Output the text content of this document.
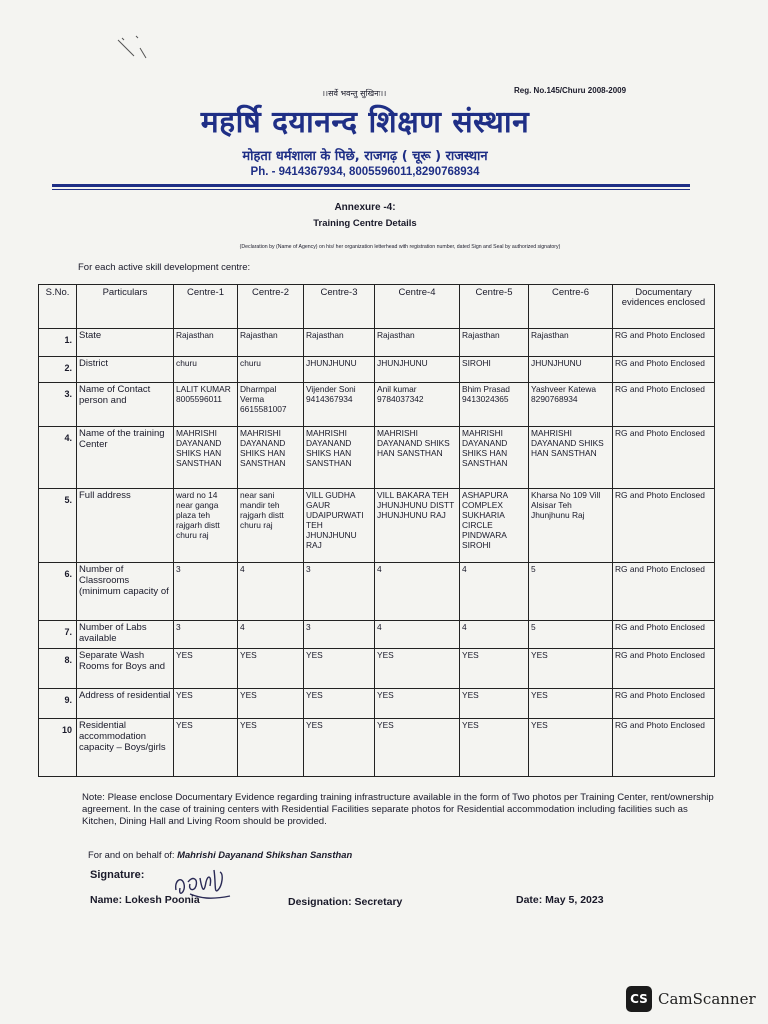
।।सर्वे भवन्तु सुखिनः।।	Reg. No.145/Churu 2008-2009
महर्षि दयानन्द शिक्षण संस्थान
मोहता धर्मशाला के पिछे, राजगढ़ ( चूरू ) राजस्थान
Ph. - 9414367934, 8005596011,8290768934
Annexure -4:
Training Centre Details
(Declaration by (Name of Agency) on his/ her organization letterhead with registration number, dated Sign and Seal by authorized signatory)
For each active skill development centre:
S.No.	Particulars	Centre-1	Centre-2	Centre-3	Centre-4	Centre-5	Centre-6	Documentary evidences enclosed
1.	State	Rajasthan	Rajasthan	Rajasthan	Rajasthan	Rajasthan	Rajasthan	RG and Photo Enclosed
2.	District	churu	churu	JHUNJHUNU	JHUNJHUNU	SIROHI	JHUNJHUNU	RG and Photo Enclosed
3.	Name of Contact person and	LALIT KUMAR 8005596011	Dharmpal Verma 6615581007	Vijender Soni 9414367934	Anil kumar 9784037342	Bhim Prasad 9413024365	Yashveer Katewa 8290768934	RG and Photo Enclosed
4.	Name of the training Center	MAHRISHI DAYANAND SHIKS HAN SANSTHAN	MAHRISHI DAYANAND SHIKS HAN SANSTHAN	MAHRISHI DAYANAND SHIKS HAN SANSTHAN	MAHRISHI DAYANAND SHIKS HAN SANSTHAN	MAHRISHI DAYANAND SHIKS HAN SANSTHAN	MAHRISHI DAYANAND SHIKS HAN SANSTHAN	RG and Photo Enclosed
5.	Full address	ward no 14 near ganga plaza teh rajgarh distt churu raj	near sani mandir teh rajgarh distt churu raj	VILL GUDHA GAUR UDAIPURWATI TEH JHUNJHUNU RAJ	VILL BAKARA TEH JHUNJHUNU DISTT JHUNJHUNU RAJ	ASHAPURA COMPLEX SUKHARIA CIRCLE PINDWARA SIROHI	Kharsa No 109 Vill Alsisar Teh Jhunjhunu Raj	RG and Photo Enclosed
6.	Number of Classrooms (minimum capacity of	3	4	3	4	4	5	RG and Photo Enclosed
7.	Number of Labs available	3	4	3	4	4	5	RG and Photo Enclosed
8.	Separate Wash Rooms for Boys and	YES	YES	YES	YES	YES	YES	RG and Photo Enclosed
9.	Address of residential	YES	YES	YES	YES	YES	YES	RG and Photo Enclosed
10	Residential accommodation capacity – Boys/girls	YES	YES	YES	YES	YES	YES	RG and Photo Enclosed
Note: Please enclose Documentary Evidence regarding training infrastructure available in the form of Two photos per Training Center, rent/ownership agreement. In the case of training centers with Residential Facilities separate photos for Residential accommodation including facilities such as Kitchen, Dining Hall and Living Room should be provided.
For and on behalf of: Mahrishi Dayanand Shikshan Sansthan
Signature:
Name: Lokesh Poonia	Designation: Secretary	Date: May 5, 2023
CS CamScanner
